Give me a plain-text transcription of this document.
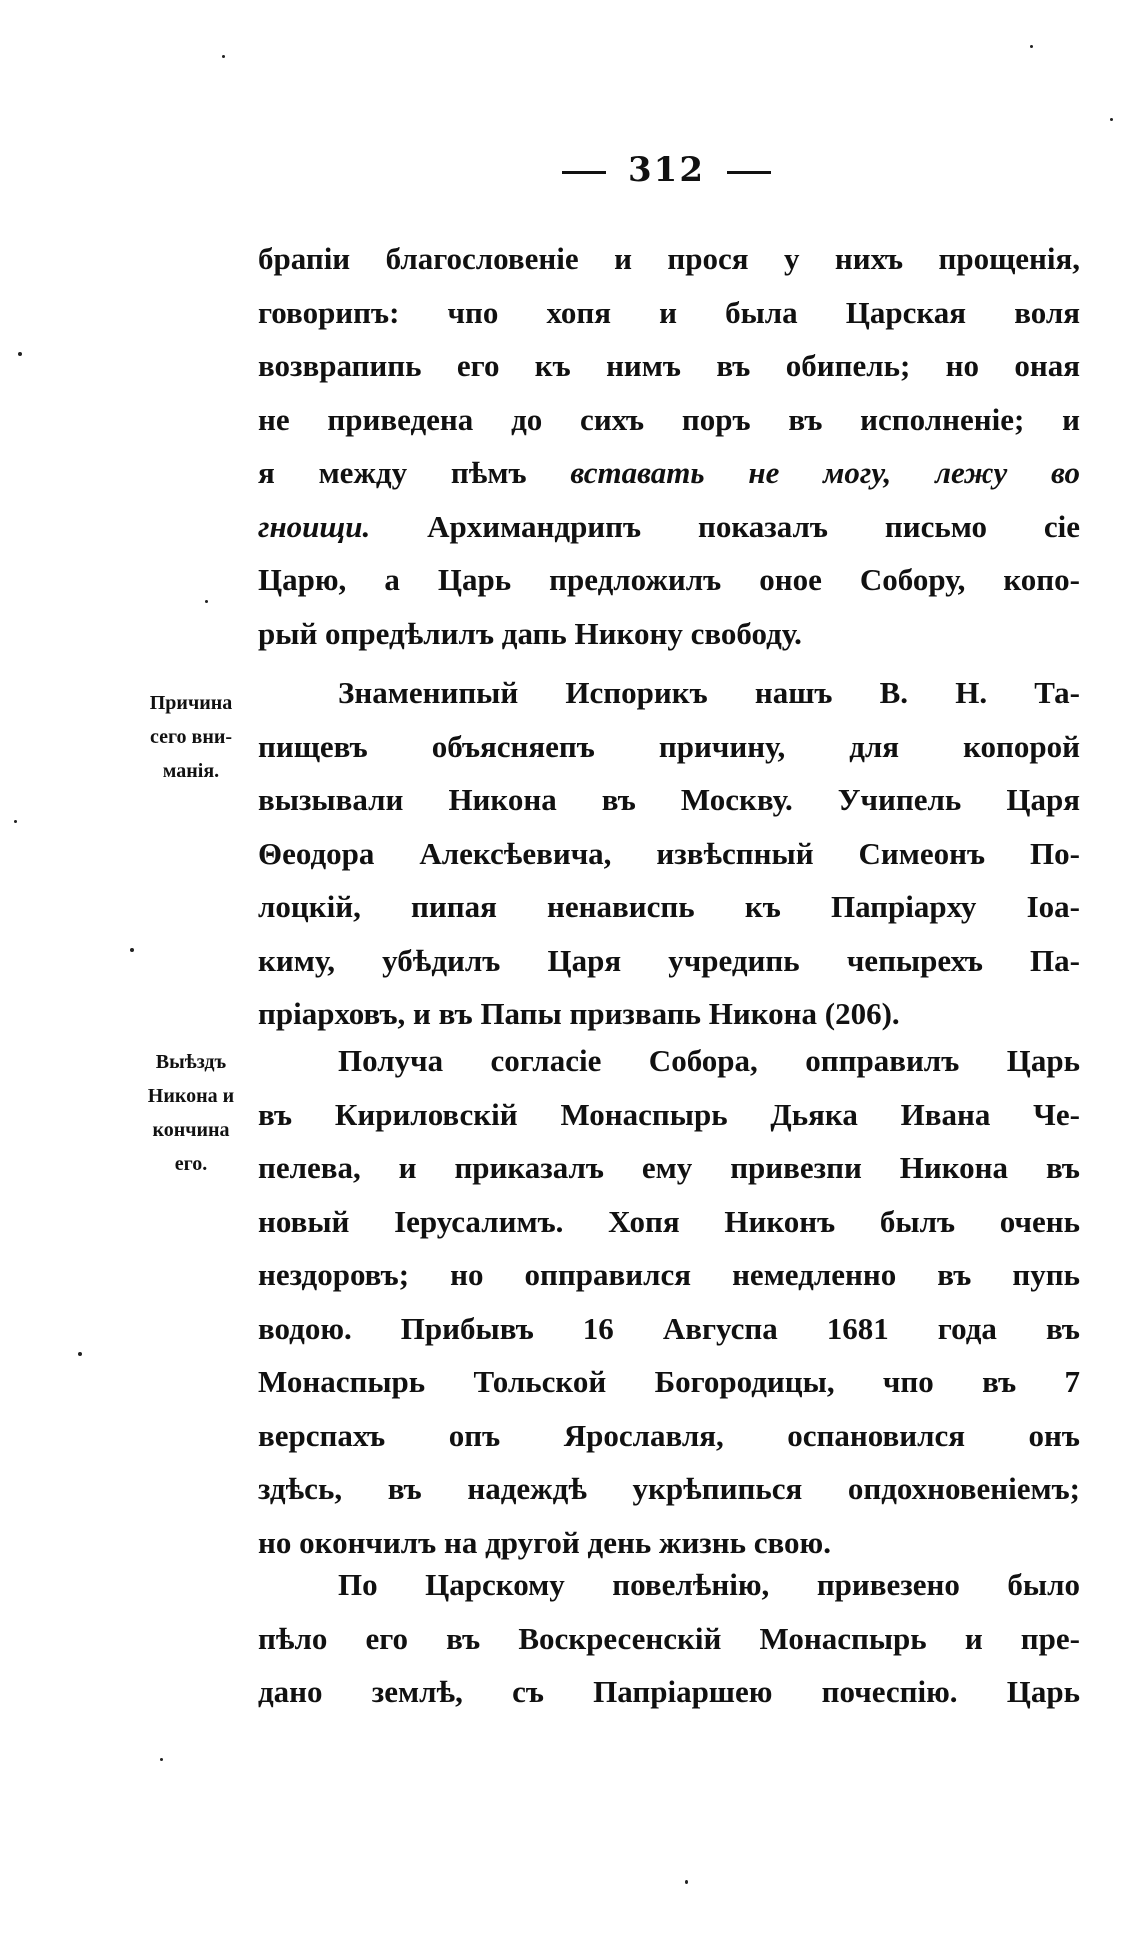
312
брапіи благословеніе и прося у нихъ прощенія,
говорипъ: чпо хопя и была Царская воля
возврапипь его къ нимъ въ обипель; но оная
не приведена до сихъ поръ въ исполненіе; и
я между пѣмъ вставать не могу, лежу во
гноищи. Архимандрипъ показалъ письмо сіе
Царю, а Царь предложилъ оное Собору, копо-
рый опредѣлилъ дапь Никону свободу.
Знаменипый Испорикъ нашъ В. Н. Та-
пищевъ объясняепъ причину, для копорой
вызывали Никона въ Москву. Учипель Царя
Θеодора Алексѣевича, извѣспный Симеонъ По-
лоцкій, пипая ненависпь къ Папріарху Іоа-
киму, убѣдилъ Царя учредипь чепырехъ Па-
пріарховъ, и въ Папы призвапь Никона (206).
Получа согласіе Собора, оппpавилъ Царь
въ Кириловскій Монаспырь Дьяка Ивана Че-
пелева, и приказалъ ему привезпи Никона въ
новый Іерусалимъ. Хопя Никонъ былъ очень
нездоровъ; но оппpавился немедленно въ пупь
водою. Прибывъ 16 Авгуспа 1681 года въ
Монаспырь Тольской Богородицы, чпо въ 7
верспахъ опъ Ярославля, оспановился онъ
здѣсь, въ надеждѣ укрѣпипься опдохновеніемъ;
но окончилъ на другой день жизнь свою.
По Царскому повелѣнію, привезено было
пѣло его въ Воскресенскій Монаспырь и пре-
дано землѣ, съ Папріаршею почеспію. Царь
Причина
сего вни-
манія.
Выѣздъ
Никона и
кончина
его.
